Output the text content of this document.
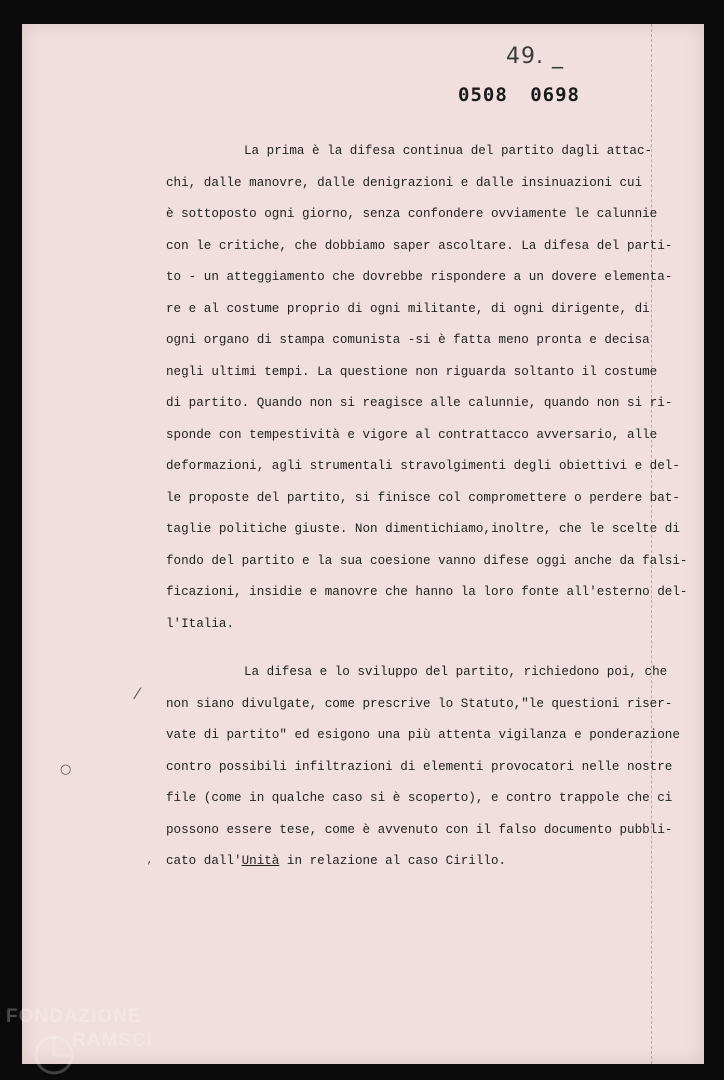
49. _
0508 0698
La prima è la difesa continua del partito dagli attac-
chi, dalle manovre, dalle denigrazioni e dalle insinuazioni cui
è sottoposto ogni giorno, senza confondere ovviamente le calunnie
con le critiche, che dobbiamo saper ascoltare. La difesa del parti-
to - un atteggiamento che dovrebbe rispondere a un dovere elementa-
re e al costume proprio di ogni militante, di ogni dirigente, di
ogni organo di stampa comunista -si è fatta meno pronta e decisa
negli ultimi tempi. La questione non riguarda soltanto il costume
di partito. Quando non si reagisce alle calunnie, quando non si ri-
sponde con tempestività e vigore al contrattacco avversario, alle
deformazioni, agli strumentali stravolgimenti degli obiettivi e del-
le proposte del partito, si finisce col compromettere o perdere bat-
taglie politiche giuste. Non dimentichiamo,inoltre, che le scelte di
fondo del partito e la sua coesione vanno difese oggi anche da falsi-
ficazioni, insidie e manovre che hanno la loro fonte all'esterno del-
l'Italia.
La difesa e lo sviluppo del partito, richiedono poi, che
non siano divulgate, come prescrive lo Statuto,"le questioni riser-
vate di partito" ed esigono una più attenta vigilanza e ponderazione
contro possibili infiltrazioni di elementi provocatori nelle nostre
file (come in qualche caso si è scoperto), e contro trappole che ci
possono essere tese, come è avvenuto con il falso documento pubbli-
cato dall'Unità in relazione al caso Cirillo.
⁄
○
,
FONDAZIONE
RAMSCI
